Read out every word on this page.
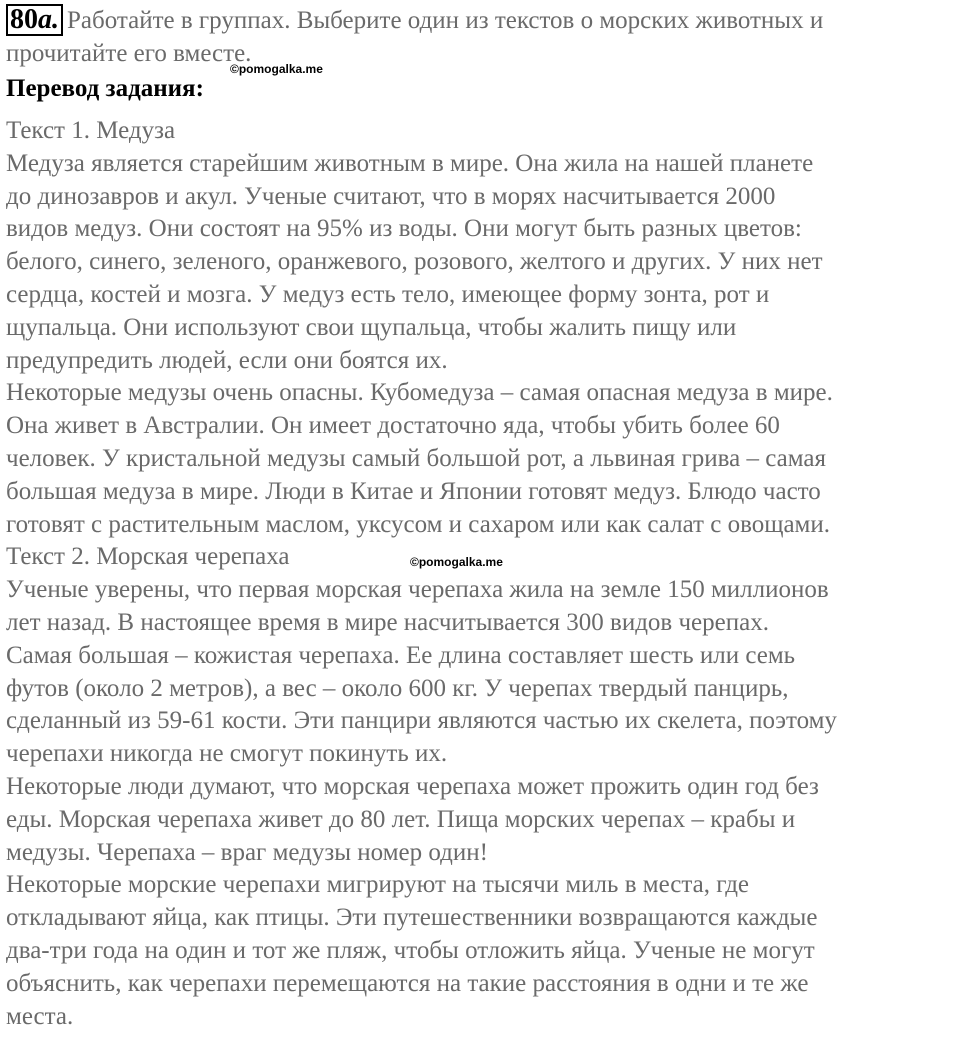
80a. Работайте в группах. Выберите один из текстов о морских животных и
прочитайте его вместе.
©pomogalka.me
Перевод задания:
Текст 1. Медуза
Медуза является старейшим животным в мире. Она жила на нашей планете
до динозавров и акул. Ученые считают, что в морях насчитывается 2000
видов медуз. Они состоят на 95% из воды. Они могут быть разных цветов:
белого, синего, зеленого, оранжевого, розового, желтого и других. У них нет
сердца, костей и мозга. У медуз есть тело, имеющее форму зонта, рот и
щупальца. Они используют свои щупальца, чтобы жалить пищу или
предупредить людей, если они боятся их.
Некоторые медузы очень опасны. Кубомедуза – самая опасная медуза в мире.
Она живет в Австралии. Он имеет достаточно яда, чтобы убить более 60
человек. У кристальной медузы самый большой рот, а львиная грива – самая
большая медуза в мире. Люди в Китае и Японии готовят медуз. Блюдо часто
готовят с растительным маслом, уксусом и сахаром или как салат с овощами.
Текст 2. Морская черепаха
Ученые уверены, что первая морская черепаха жила на земле 150 миллионов
лет назад. В настоящее время в мире насчитывается 300 видов черепах.
Самая большая – кожистая черепаха. Ее длина составляет шесть или семь
футов (около 2 метров), а вес – около 600 кг. У черепах твердый панцирь,
сделанный из 59-61 кости. Эти панцири являются частью их скелета, поэтому
черепахи никогда не смогут покинуть их.
Некоторые люди думают, что морская черепаха может прожить один год без
еды. Морская черепаха живет до 80 лет. Пища морских черепах – крабы и
медузы. Черепаха – враг медузы номер один!
Некоторые морские черепахи мигрируют на тысячи миль в места, где
откладывают яйца, как птицы. Эти путешественники возвращаются каждые
два-три года на один и тот же пляж, чтобы отложить яйца. Ученые не могут
объяснить, как черепахи перемещаются на такие расстояния в одни и те же
места.
©pomogalka.me
